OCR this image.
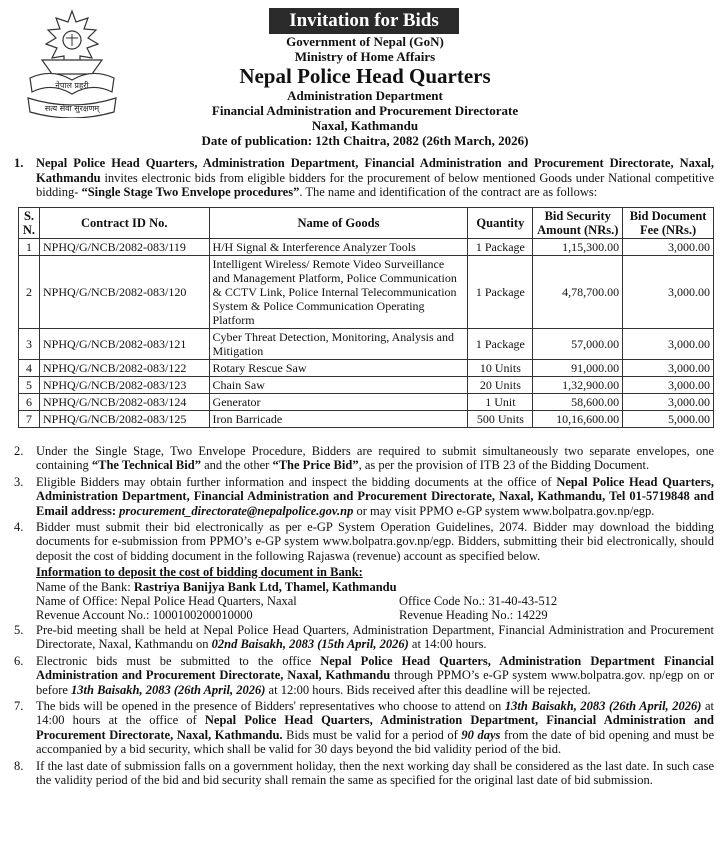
Invitation for Bids
नेपाल प्रहरी
सत्य सेवा सुरक्षणम्
Government of Nepal (GoN)
Ministry of Home Affairs
Nepal Police Head Quarters
Administration Department
Financial Administration and Procurement Directorate
Naxal, Kathmandu
Date of publication: 12th Chaitra, 2082 (26th March, 2026)
1. Nepal Police Head Quarters, Administration Department, Financial Administration and Procurement Directorate, Naxal, Kathmandu invites electronic bids from eligible bidders for the procurement of below mentioned Goods under National competitive bidding- “Single Stage Two Envelope procedures”. The name and identification of the contract are as follows:
S. N.	Contract ID No.	Name of Goods	Quantity	Bid Security Amount (NRs.)	Bid Document Fee (NRs.)
1	NPHQ/G/NCB/2082-083/119	H/H Signal & Interference Analyzer Tools	1 Package	1,15,300.00	3,000.00
2	NPHQ/G/NCB/2082-083/120	Intelligent Wireless/ Remote Video Surveillance and Management Platform, Police Communication & CCTV Link, Police Internal Telecommunication System & Police Communication Operating Platform	1 Package	4,78,700.00	3,000.00
3	NPHQ/G/NCB/2082-083/121	Cyber Threat Detection, Monitoring, Analysis and Mitigation	1 Package	57,000.00	3,000.00
4	NPHQ/G/NCB/2082-083/122	Rotary Rescue Saw	10 Units	91,000.00	3,000.00
5	NPHQ/G/NCB/2082-083/123	Chain Saw	20 Units	1,32,900.00	3,000.00
6	NPHQ/G/NCB/2082-083/124	Generator	1 Unit	58,600.00	3,000.00
7	NPHQ/G/NCB/2082-083/125	Iron Barricade	500 Units	10,16,600.00	5,000.00
2. Under the Single Stage, Two Envelope Procedure, Bidders are required to submit simultaneously two separate envelopes, one containing “The Technical Bid” and the other “The Price Bid”, as per the provision of ITB 23 of the Bidding Document.
3. Eligible Bidders may obtain further information and inspect the bidding documents at the office of Nepal Police Head Quarters, Administration Department, Financial Administration and Procurement Directorate, Naxal, Kathmandu, Tel 01-5719848 and Email address: procurement_directorate@nepalpolice.gov.np or may visit PPMO e-GP system www.bolpatra.gov.np/egp.
4. Bidder must submit their bid electronically as per e-GP System Operation Guidelines, 2074. Bidder may download the bidding documents for e-submission from PPMO’s e-GP system www.bolpatra.gov.np/egp. Bidders, submitting their bid electronically, should deposit the cost of bidding document in the following Rajaswa (revenue) account as specified below.
Information to deposit the cost of bidding document in Bank:
Name of the Bank: Rastriya Banijya Bank Ltd, Thamel, Kathmandu
Name of Office: Nepal Police Head Quarters, Naxal	Office Code No.: 31-40-43-512
Revenue Account No.: 1000100200010000	Revenue Heading No.: 14229
5. Pre-bid meeting shall be held at Nepal Police Head Quarters, Administration Department, Financial Administration and Procurement Directorate, Naxal, Kathmandu on 02nd Baisakh, 2083 (15th April, 2026) at 14:00 hours.
6. Electronic bids must be submitted to the office Nepal Police Head Quarters, Administration Department Financial Administration and Procurement Directorate, Naxal, Kathmandu through PPMO’s e-GP system www.bolpatra.gov. np/egp on or before 13th Baisakh, 2083 (26th April, 2026) at 12:00 hours. Bids received after this deadline will be rejected.
7. The bids will be opened in the presence of Bidders' representatives who choose to attend on 13th Baisakh, 2083 (26th April, 2026) at 14:00 hours at the office of Nepal Police Head Quarters, Administration Department, Financial Administration and Procurement Directorate, Naxal, Kathmandu. Bids must be valid for a period of 90 days from the date of bid opening and must be accompanied by a bid security, which shall be valid for 30 days beyond the bid validity period of the bid.
8. If the last date of submission falls on a government holiday, then the next working day shall be considered as the last date. In such case the validity period of the bid and bid security shall remain the same as specified for the original last date of bid submission.
